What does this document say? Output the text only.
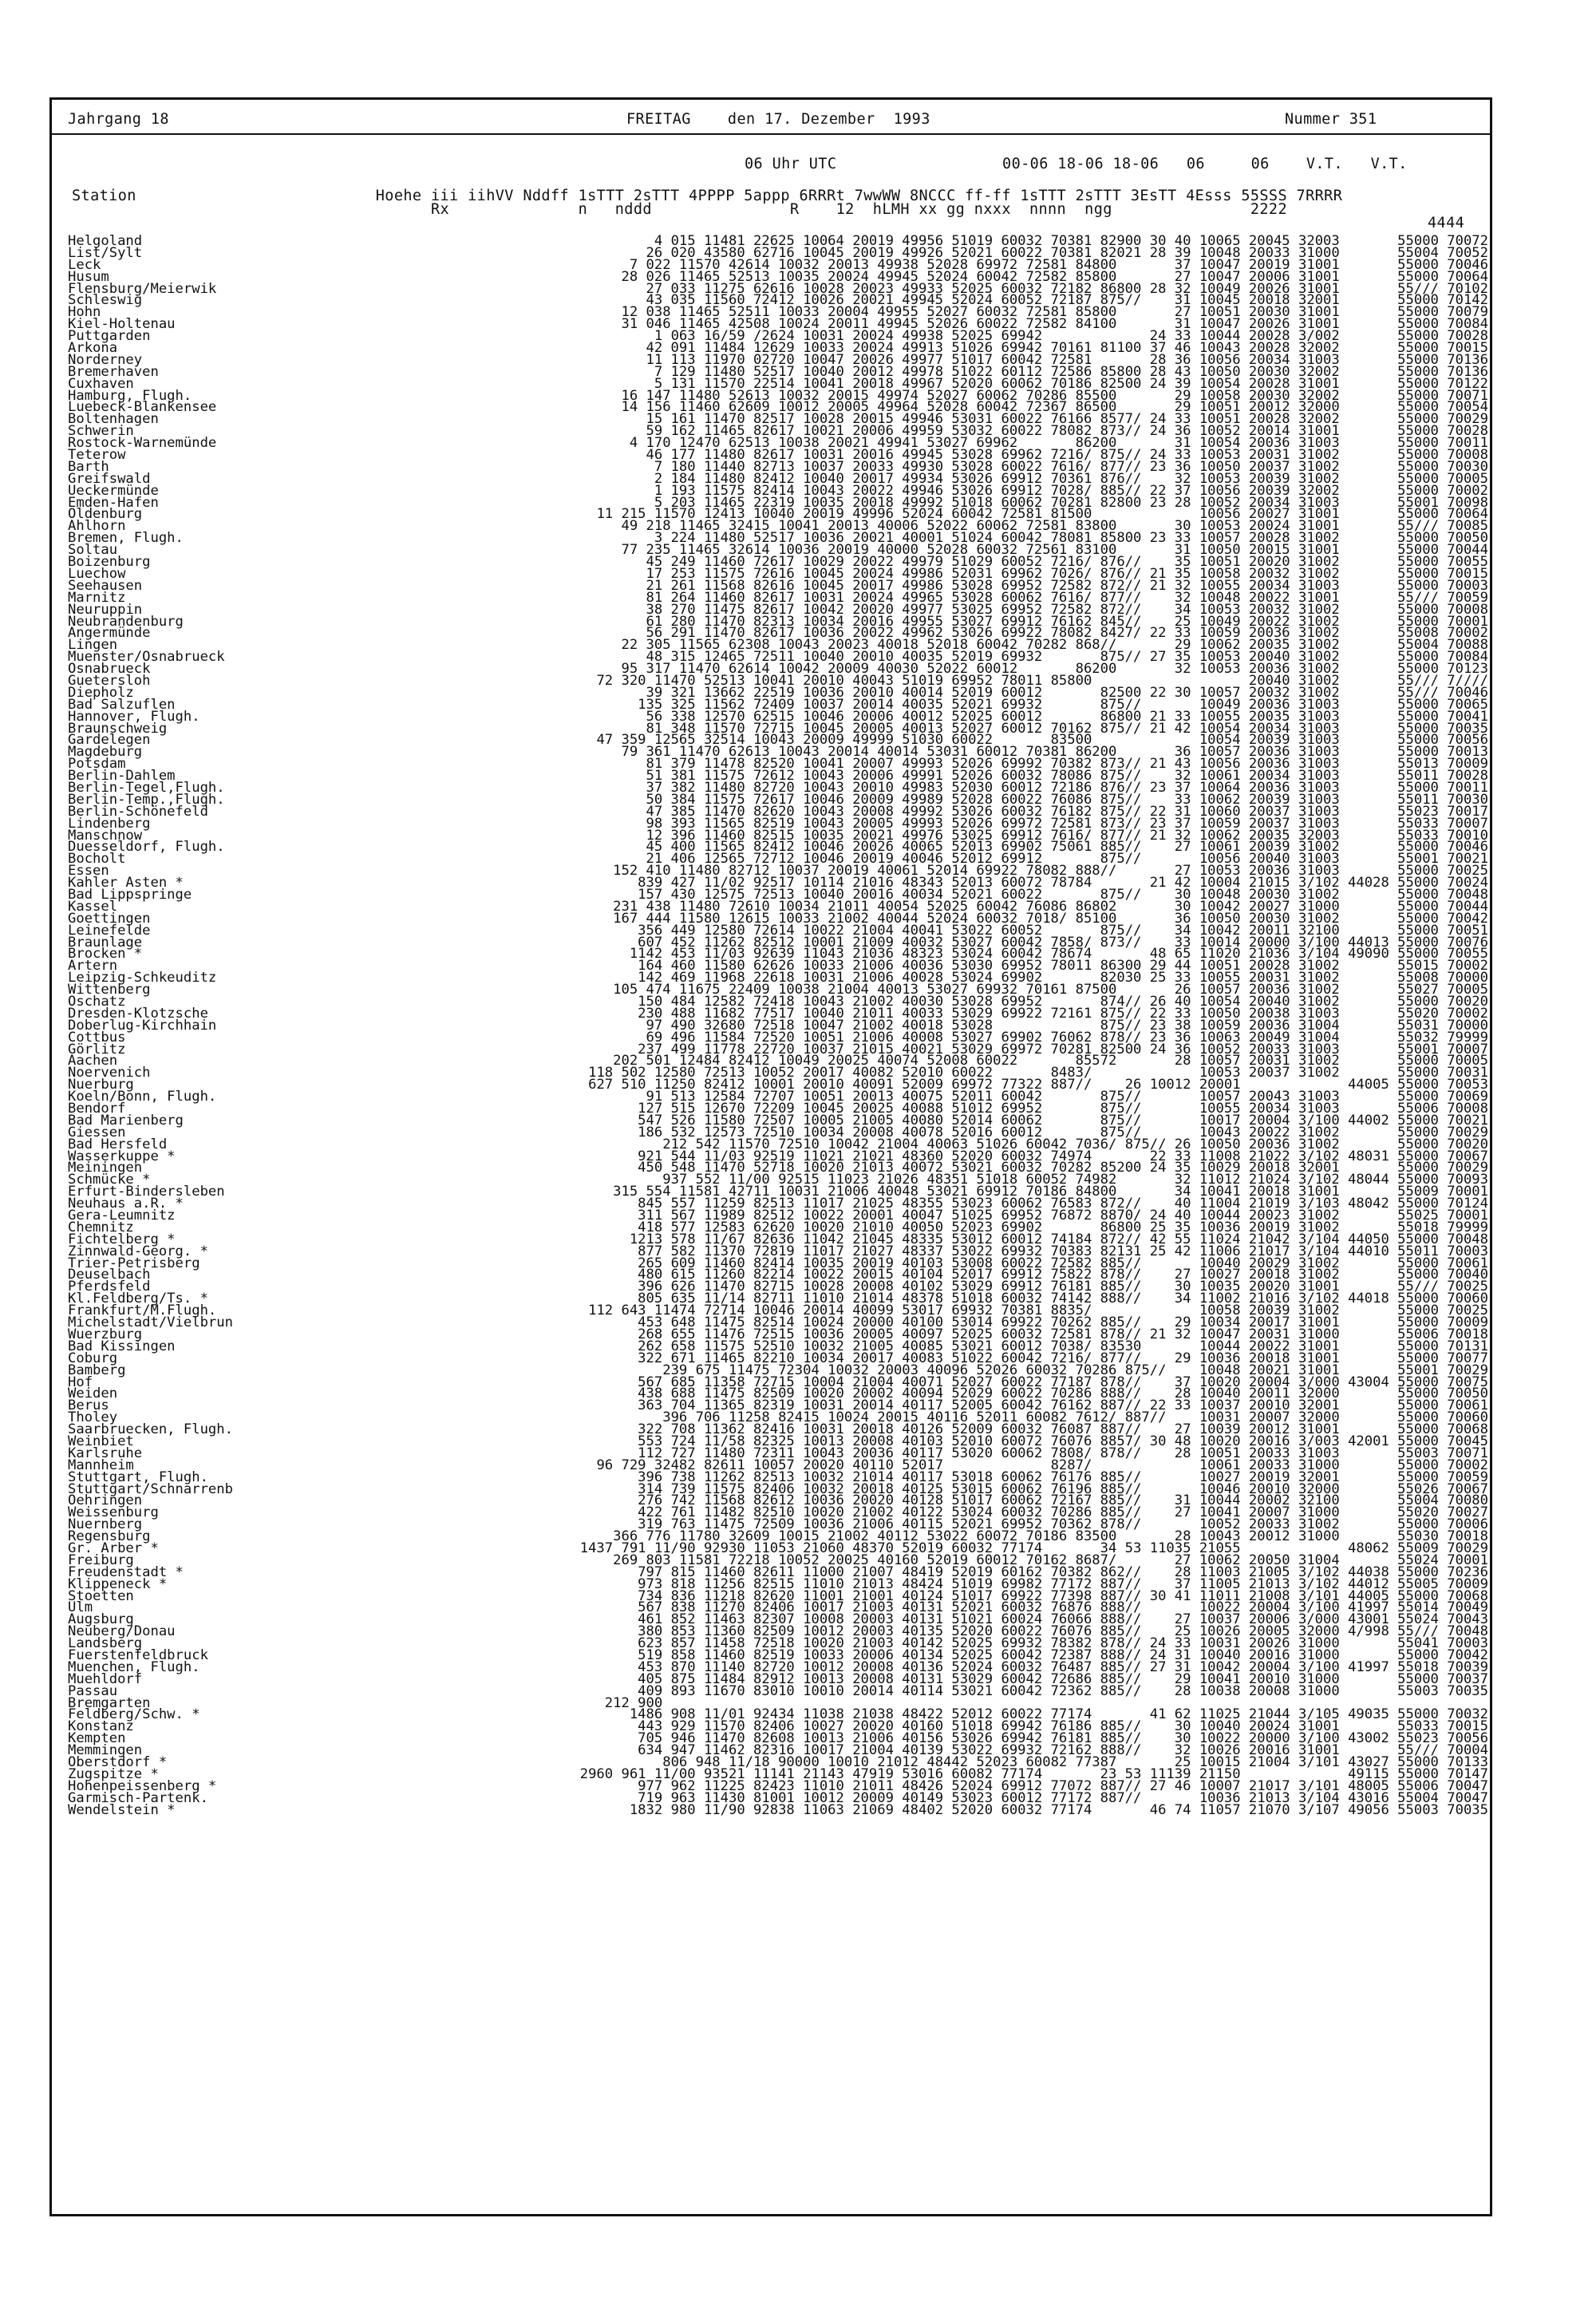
Jahrgang 18	FREITAG    den 17. Dezember  1993	Nummer 351
06 Uhr UTC                  00-06 18-06 18-06   06     06    V.T.   V.T.
Station                          Hoehe iii iihVV Nddff 1sTTT 2sTTT 4PPPP 5appp 6RRRt 7wwWW 8NCCC ff-ff 1sTTT 2sTTT 3EsTT 4Esss 55SSS 7RRRR
Rx              n   nddd               R    12  hLMH xx gg nxxx  nnnn  ngg               2222
4444
Helgoland	4 015 11481 22625 10064 20019 49956 51019 60032 70381 82900 30 40 10065 20045 32003       55000 70072
List/Sylt	26 020 43580 62716 10045 20019 49926 52021 60022 70381 82021 28 39 10048 20033 31000       55004 70052
Leck	7 022 11570 42614 10032 20013 49938 52028 69972 72581 84800       37 10047 20019 31001       55000 70046
Husum	28 026 11465 52513 10035 20024 49945 52024 60042 72582 85800       27 10047 20006 31001       55000 70064
Flensburg/Meierwik	27 033 11275 62616 10028 20023 49933 52025 60032 72182 86800 28 32 10049 20026 31001       55/// 70102
Schleswig	43 035 11560 72412 10026 20021 49945 52024 60052 72187 875//    31 10045 20018 32001       55000 70142
Hohn	12 038 11465 52511 10033 20004 49955 52027 60032 72581 85800       27 10051 20030 31001       55000 70079
Kiel-Holtenau	31 046 11465 42508 10024 20011 49945 52026 60022 72582 84100       31 10047 20026 31001       55000 70084
Puttgarden	1 063 16/59 /2624 10031 20024 49938 52025 69942             24 33 10044 20028 3/002       55000 70028
Arkona	42 091 11484 12629 10033 20024 49913 51026 69942 70161 81100 37 46 10043 20028 32002       55000 70015
Norderney	11 113 11970 02720 10047 20026 49977 51017 60042 72581       28 36 10056 20034 31003       55000 70136
Bremerhaven	7 129 11480 52517 10040 20012 49978 51022 60112 72586 85800 28 43 10050 20030 32002       55000 70136
Cuxhaven	5 131 11570 22514 10041 20018 49967 52020 60062 70186 82500 24 39 10054 20028 31001       55000 70122
Hamburg, Flugh.	16 147 11480 52613 10032 20015 49974 52027 60062 70286 85500       29 10058 20030 32002       55000 70071
Luebeck-Blankensee	14 156 11460 62609 10012 20005 49964 52028 60042 72367 86500       29 10051 20012 32000       55000 70054
Boltenhagen	15 161 11470 82517 10028 20015 49946 53031 60022 76166 8577/ 24 33 10051 20028 32002       55000 70029
Schwerin	59 162 11465 82617 10021 20006 49959 53032 60022 78082 873// 24 36 10052 20014 31001       55000 70028
Rostock-Warnemünde	4 170 12470 62513 10038 20021 49941 53027 69962       86200       31 10054 20036 31003       55000 70011
Teterow	46 177 11480 82617 10031 20016 49945 53028 69962 7216/ 875// 24 33 10053 20031 31002       55000 70008
Barth	7 180 11440 82713 10037 20033 49930 53028 60022 7616/ 877// 23 36 10050 20037 31002       55000 70030
Greifswald	2 184 11480 82412 10040 20017 49934 53026 69912 70361 876//    32 10053 20039 31002       55000 70005
Ueckermünde	1 193 11575 82414 10043 20022 49946 53026 69912 7028/ 885// 22 37 10056 20039 32002       55000 70002
Emden-Hafen	5 203 11465 22319 10035 20018 49992 51018 60062 70281 82800 23 28 10052 20034 31003       55001 70098
Oldenburg	11 215 11570 12413 10040 20019 49996 52024 60042 72581 81500             10056 20027 31001       55000 70064
Ahlhorn	49 218 11465 32415 10041 20013 40006 52022 60062 72581 83800       30 10053 20024 31001       55/// 70085
Bremen, Flugh.	3 224 11480 52517 10036 20021 40001 51024 60042 78081 85800 23 33 10057 20028 31002       55000 70050
Soltau	77 235 11465 32614 10036 20019 40000 52028 60032 72561 83100       31 10050 20015 31001       55000 70044
Boizenburg	45 249 11460 72617 10029 20022 49979 51029 60052 7216/ 876//    35 10051 20020 31002       55000 70055
Luechow	17 253 11575 72616 10045 20024 49986 52031 69962 7026/ 876// 21 35 10058 20032 31002       55000 70015
Seehausen	21 261 11568 82616 10045 20017 49986 53028 69952 72582 872// 21 32 10055 20034 31003       55000 70003
Marnitz	81 264 11460 82617 10031 20024 49965 53028 60062 7616/ 877//    32 10048 20022 31001       55/// 70059
Neuruppin	38 270 11475 82617 10042 20020 49977 53025 69952 72582 872//    34 10053 20032 31002       55000 70008
Neubrandenburg	61 280 11470 82313 10034 20016 49955 53027 69912 76162 845//    25 10049 20022 31002       55000 70001
Angermünde	56 291 11470 82617 10036 20022 49962 53026 69922 78082 8427/ 22 33 10059 20036 31002       55008 70002
Lingen	22 305 11565 62308 10043 20023 40018 52018 60042 70282 868//       29 10062 20035 31002       55004 70088
Muenster/Osnabrueck	48 315 12465 72511 10040 20010 40035 52019 69932       875// 27 35 10053 20040 31002       55000 70084
Osnabrueck	95 317 11470 62614 10042 20009 40030 52022 60012       86200       32 10053 20036 31002       55000 70123
Guetersloh	72 320 11470 52513 10041 20010 40043 51019 69952 78011 85800                   20040 31002       55/// 7////
Diepholz	39 321 13662 22519 10036 20010 40014 52019 60012       82500 22 30 10057 20032 31002       55/// 70046
Bad Salzuflen	135 325 11562 72409 10037 20014 40035 52021 69932       875//       10049 20036 31003       55000 70065
Hannover, Flugh.	56 338 12570 62515 10046 20006 40012 52025 60012       86800 21 33 10055 20035 31003       55000 70041
Braunschweig	81 348 11570 72715 10045 20005 40013 52027 60012 70162 875// 21 42 10054 20034 31003       55000 70035
Gardelegen	47 359 12565 32514 10043 20009 49999 51030 60022       83500             10054 20039 31003       55000 70056
Magdeburg	79 361 11470 62613 10043 20014 40014 53031 60012 70381 86200       36 10057 20036 31003       55000 70013
Potsdam	81 379 11478 82520 10041 20007 49993 52026 69992 70382 873// 21 43 10056 20036 31003       55013 70009
Berlin-Dahlem	51 381 11575 72612 10043 20006 49991 52026 60032 78086 875//    32 10061 20034 31003       55011 70028
Berlin-Tegel,Flugh.	37 382 11480 82720 10043 20010 49983 52030 60012 72186 876// 23 37 10064 20036 31003       55000 70011
Berlin-Temp.,Flugh.	50 384 11575 72617 10046 20009 49989 52028 60022 76086 875//    33 10062 20039 31003       55011 70030
Berlin-Schönefeld	47 385 11470 82620 10043 20008 49992 53026 60032 76182 875// 22 31 10060 20037 31003       55023 70017
Lindenberg	98 393 11565 82519 10043 20005 49993 52026 69972 72581 873// 23 37 10059 20037 31003       55033 70007
Manschnow	12 396 11460 82515 10035 20021 49976 53025 69912 7616/ 877// 21 32 10062 20035 32003       55033 70010
Duesseldorf, Flugh.	45 400 11565 82412 10046 20026 40065 52013 69902 75061 885//    27 10061 20039 31002       55000 70046
Bocholt	21 406 12565 72712 10046 20019 40046 52012 69912       875//       10056 20040 31003       55001 70021
Essen	152 410 11480 82712 10037 20019 40061 52014 69922 78082 888//       27 10053 20036 31003       55000 70025
Kahler Asten *	839 427 11/02 92517 10114 21016 48343 52013 60072 78784       21 42 10004 21015 3/102 44028 55000 70024
Bad Lippspringe	157 430 12575 72513 10040 20016 40034 52021 60022       875//    30 10048 20030 31002       55000 70048
Kassel	231 438 11480 72610 10034 21011 40054 52025 60042 76086 86802       30 10042 20027 31000       55000 70044
Goettingen	167 444 11580 12615 10033 21002 40044 52024 60032 7018/ 85100       36 10050 20030 31002       55000 70042
Leinefelde	356 449 12580 72614 10022 21004 40041 53022 60052       875//    34 10042 20011 32100       55000 70051
Braunlage	607 452 11262 82512 10001 21009 40032 53027 60042 7858/ 873//    33 10014 20000 3/100 44013 55000 70076
Brocken *	1142 453 11/03 92639 11043 21036 48323 53024 60042 78674       48 65 11020 21036 3/104 49090 55000 70055
Artern	164 460 11580 62626 10033 21006 40036 53030 69952 78011 86300 29 44 10051 20028 31002       55015 70002
Leipzig-Schkeuditz	142 469 11968 22618 10031 21006 40028 53024 69902       82030 25 33 10055 20031 31002       55008 70000
Wittenberg	105 474 11675 22409 10038 21004 40013 53027 69932 70161 87500       26 10057 20036 31002       55027 70005
Oschatz	150 484 12582 72418 10043 21002 40030 53028 69952       874// 26 40 10054 20040 31002       55000 70020
Dresden-Klotzsche	230 488 11682 77517 10040 21011 40033 53029 69922 72161 875// 22 33 10050 20038 31003       55020 70002
Doberlug-Kirchhain	97 490 32680 72518 10047 21002 40018 53028             875// 23 38 10059 20036 31004       55031 70000
Cottbus	69 496 11584 72520 10051 21006 40008 53027 69902 76062 878// 23 36 10063 20049 31004       55032 79999
Görlitz	237 499 11778 22720 10037 21015 40021 53029 69972 70281 82500 24 36 10052 20033 31003       55001 70007
Aachen	202 501 12484 82412 10049 20025 40074 52008 60022       85572       28 10057 20031 31002       55000 70005
Noervenich	118 502 12580 72513 10052 20017 40082 52010 60022       8483/             10053 20037 31002       55000 70031
Nuerburg	627 510 11250 82412 10001 20010 40091 52009 69972 77322 887//    26 10012 20001             44005 55000 70053
Koeln/Bonn, Flugh.	91 513 12584 72707 10051 20013 40075 52011 60042       875//       10057 20043 31003       55000 70069
Bendorf	127 515 12670 72209 10045 20025 40088 51012 69952       875//       10055 20034 31003       55006 70008
Bad Marienberg	547 526 11580 72507 10005 21005 40080 52014 60062       875//       10017 20004 3/100 44002 55000 70021
Giessen	186 532 12573 72510 10034 20008 40078 52016 60012       875//       10043 20022 31002       55000 70029
Bad Hersfeld	212 542 11570 72510 10042 21004 40063 51026 60042 7036/ 875// 26 10050 20036 31002       55000 70020
Wasserkuppe *	921 544 11/03 92519 11021 21021 48360 52020 60032 74974       22 33 11008 21022 3/102 48031 55000 70067
Meiningen	450 548 11470 52718 10020 21013 40072 53021 60032 70282 85200 24 35 10029 20018 32001       55000 70029
Schmücke *	937 552 11/00 92515 11023 21026 48351 51018 60052 74982       32 11012 21024 3/102 48044 55000 70093
Erfurt-Bindersleben	315 554 11581 42711 10031 21006 40048 53021 69912 70186 84800       34 10041 20018 31001       55009 70001
Neuhaus a.R. *	845 557 11259 82513 11017 21025 48355 53023 60062 76583 872//    40 11004 21019 3/103 48042 55000 70124
Gera-Leumnitz	311 567 11989 82512 10022 20001 40047 51025 69952 76872 8870/ 24 40 10044 20023 31002       55025 70001
Chemnitz	418 577 12583 62620 10020 21010 40050 52023 69902       86800 25 35 10036 20019 31002       55018 79999
Fichtelberg *	1213 578 11/67 82636 11042 21045 48335 53012 60012 74184 872// 42 55 11024 21042 3/104 44050 55000 70048
Zinnwald-Georg. *	877 582 11370 72819 11017 21027 48337 53022 69932 70383 82131 25 42 11006 21017 3/104 44010 55011 70003
Trier-Petrisberg	265 609 11460 82414 10035 20019 40103 53008 60022 72582 885//       10040 20029 31002       55000 70061
Deuselbach	480 615 11260 82214 10022 20015 40104 52017 69912 75822 878//    27 10027 20018 31002       55000 70040
Pferdsfeld	396 626 11470 82715 10028 20008 40102 53029 69912 76181 885//    30 10035 20020 31001       55/// 70025
Kl.Feldberg/Ts. *	805 635 11/14 82711 11010 21014 48378 51018 60032 74142 888//    34 11002 21016 3/102 44018 55000 70060
Frankfurt/M.Flugh.	112 643 11474 72714 10046 20014 40099 53017 69932 70381 8835/             10058 20039 31002       55000 70025
Michelstadt/Vielbrun	453 648 11475 82514 10024 20000 40100 53014 69922 70262 885//    29 10034 20017 31001       55000 70009
Wuerzburg	268 655 11476 72515 10036 20005 40097 52025 60032 72581 878// 21 32 10047 20031 31000       55006 70018
Bad Kissingen	262 658 11575 52510 10032 21005 40085 53021 60012 7038/ 83530       10044 20022 31001       55000 70131
Coburg	322 671 11465 82210 10034 20017 40083 51022 60042 7216/ 877//    29 10036 20018 31001       55000 70077
Bamberg	239 675 11475 72304 10032 20003 40096 52026 60032 70286 875//    10048 20021 31001       55001 70029
Hof	567 685 11358 72715 10004 21004 40071 52027 60022 77187 878//    37 10020 20004 3/000 43004 55000 70075
Weiden	438 688 11475 82509 10020 20002 40094 52029 60022 70286 888//    28 10040 20011 32000       55000 70050
Berus	363 704 11365 82319 10031 20014 40117 52005 60042 76162 887// 22 33 10037 20010 32001       55000 70061
Tholey	396 706 11258 82415 10024 20015 40116 52011 60082 7612/ 887//    10031 20007 32000       55000 70060
Saarbruecken, Flugh.	322 708 11362 82416 10031 20018 40126 52009 60032 76087 887//    27 10039 20012 31001       55000 70068
Weinbiet	553 724 11/58 82325 10013 20008 40103 52010 60072 76076 8857/ 30 48 10020 20016 3/003 42001 55000 70045
Karlsruhe	112 727 11480 72311 10043 20036 40117 53020 60062 7808/ 878//    28 10051 20033 31003       55003 70071
Mannheim	96 729 32482 82611 10057 20020 40110 52017             8287/             10061 20033 31000       55000 70002
Stuttgart, Flugh.	396 738 11262 82513 10032 21014 40117 53018 60062 76176 885//       10027 20019 32001       55000 70059
Stuttgart/Schnarrenb	314 739 11575 82406 10032 20018 40125 53015 60062 76196 885//       10046 20010 32000       55026 70067
Oehringen	276 742 11568 82612 10036 20020 40128 51017 60062 72167 885//    31 10044 20002 32100       55004 70080
Weissenburg	422 761 11482 82510 10020 21002 40122 53024 60032 70286 885//    27 10041 20007 31000       55020 70027
Nuernberg	319 763 11475 72509 10036 21006 40115 52021 69952 70362 878//       10052 20033 31002       55000 70006
Regensburg	366 776 11780 32609 10015 21002 40112 53022 60072 70186 83500       28 10043 20012 31000       55030 70018
Gr. Arber *	1437 791 11/90 92930 11053 21060 48370 52019 60032 77174       34 53 11035 21055             48062 55009 70029
Freiburg	269 803 11581 72218 10052 20025 40160 52019 60012 70162 8687/       27 10062 20050 31004       55024 70001
Freudenstadt *	797 815 11460 82611 11000 21007 48419 52019 60162 70382 862//    28 11003 21005 3/102 44038 55000 70236
Klippeneck *	973 818 11256 82515 11010 21013 48424 51019 69982 77172 887//    37 11005 21013 3/102 44012 55005 70009
Stoetten	734 836 11218 82620 11001 21001 40124 51017 69922 77398 887// 30 41 11011 21008 3/101 44005 55000 70068
Ulm	567 838 11270 82406 10017 21003 40131 52021 60032 76876 888//       10022 20004 3/100 41997 55014 70049
Augsburg	461 852 11463 82307 10008 20003 40131 51021 60024 76066 888//    27 10037 20006 3/000 43001 55024 70043
Neuberg/Donau	380 853 11360 82509 10012 20003 40135 52020 60022 76076 885//    25 10026 20005 32000 4/998 55/// 70048
Landsberg	623 857 11458 72518 10020 21003 40142 52025 69932 78382 878// 24 33 10031 20026 31000       55041 70003
Fuerstenfeldbruck	519 858 11460 82519 10033 20006 40134 52025 60042 72387 888// 24 31 10040 20016 31000       55000 70042
Muenchen, Flugh.	453 870 11140 82720 10012 20008 40136 52024 60032 76487 885// 27 31 10042 20004 3/100 41997 55018 70039
Muehldorf	405 875 11484 82912 10013 20008 40131 53029 60042 72686 885//    29 10041 20010 31000       55000 70037
Passau	409 893 11670 83010 10010 20014 40114 53021 60042 72362 885//    28 10038 20008 31000       55003 70035
Bremgarten	212 900
Feldberg/Schw. *	1486 908 11/01 92434 11038 21038 48422 52012 60022 77174       41 62 11025 21044 3/105 49035 55000 70032
Konstanz	443 929 11570 82406 10027 20020 40160 51018 69942 76186 885//    30 10040 20024 31001       55033 70015
Kempten	705 946 11470 82608 10013 21006 40156 53026 69942 76181 885//    30 10022 20000 3/100 43002 55023 70056
Memmingen	634 947 11462 82316 10017 21004 40139 53022 69932 72162 888//    32 10026 20016 31001       55/// 70004
Oberstdorf *	806 948 11/18 90000 10010 21012 48442 52023 60082 77387       25 10015 21004 3/101 43027 55000 70133
Zugspitze *	2960 961 11/00 93521 11141 21143 47919 53016 60082 77174       23 53 11139 21150             49115 55000 70147
Hohenpeissenberg *	977 962 11225 82423 11010 21011 48426 52024 69912 77072 887// 27 46 10007 21017 3/101 48005 55006 70047
Garmisch-Partenk.	719 963 11430 81001 10012 20009 40149 53023 60012 77172 887//       10036 21013 3/104 43016 55004 70047
Wendelstein *	1832 980 11/90 92838 11063 21069 48402 52020 60032 77174       46 74 11057 21070 3/107 49056 55003 70035
